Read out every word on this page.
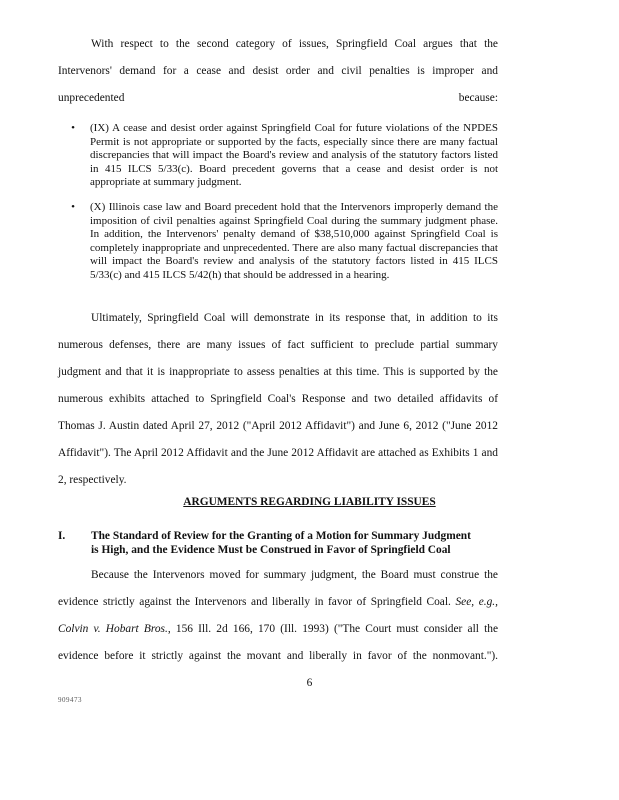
With respect to the second category of issues, Springfield Coal argues that the Intervenors' demand for a cease and desist order and civil penalties is improper and unprecedented because:
• (IX) A cease and desist order against Springfield Coal for future violations of the NPDES Permit is not appropriate or supported by the facts, especially since there are many factual discrepancies that will impact the Board's review and analysis of the statutory factors listed in 415 ILCS 5/33(c). Board precedent governs that a cease and desist order is not appropriate at summary judgment.
• (X) Illinois case law and Board precedent hold that the Intervenors improperly demand the imposition of civil penalties against Springfield Coal during the summary judgment phase. In addition, the Intervenors' penalty demand of $38,510,000 against Springfield Coal is completely inappropriate and unprecedented. There are also many factual discrepancies that will impact the Board's review and analysis of the statutory factors listed in 415 ILCS 5/33(c) and 415 ILCS 5/42(h) that should be addressed in a hearing.
Ultimately, Springfield Coal will demonstrate in its response that, in addition to its numerous defenses, there are many issues of fact sufficient to preclude partial summary judgment and that it is inappropriate to assess penalties at this time. This is supported by the numerous exhibits attached to Springfield Coal's Response and two detailed affidavits of Thomas J. Austin dated April 27, 2012 ("April 2012 Affidavit") and June 6, 2012 ("June 2012 Affidavit"). The April 2012 Affidavit and the June 2012 Affidavit are attached as Exhibits 1 and 2, respectively.
ARGUMENTS REGARDING LIABILITY ISSUES
I. The Standard of Review for the Granting of a Motion for Summary Judgment is High, and the Evidence Must be Construed in Favor of Springfield Coal
Because the Intervenors moved for summary judgment, the Board must construe the evidence strictly against the Intervenors and liberally in favor of Springfield Coal. See, e.g., Colvin v. Hobart Bros., 156 Ill. 2d 166, 170 (Ill. 1993) ("The Court must consider all the evidence before it strictly against the movant and liberally in favor of the nonmovant.").
6
909473
